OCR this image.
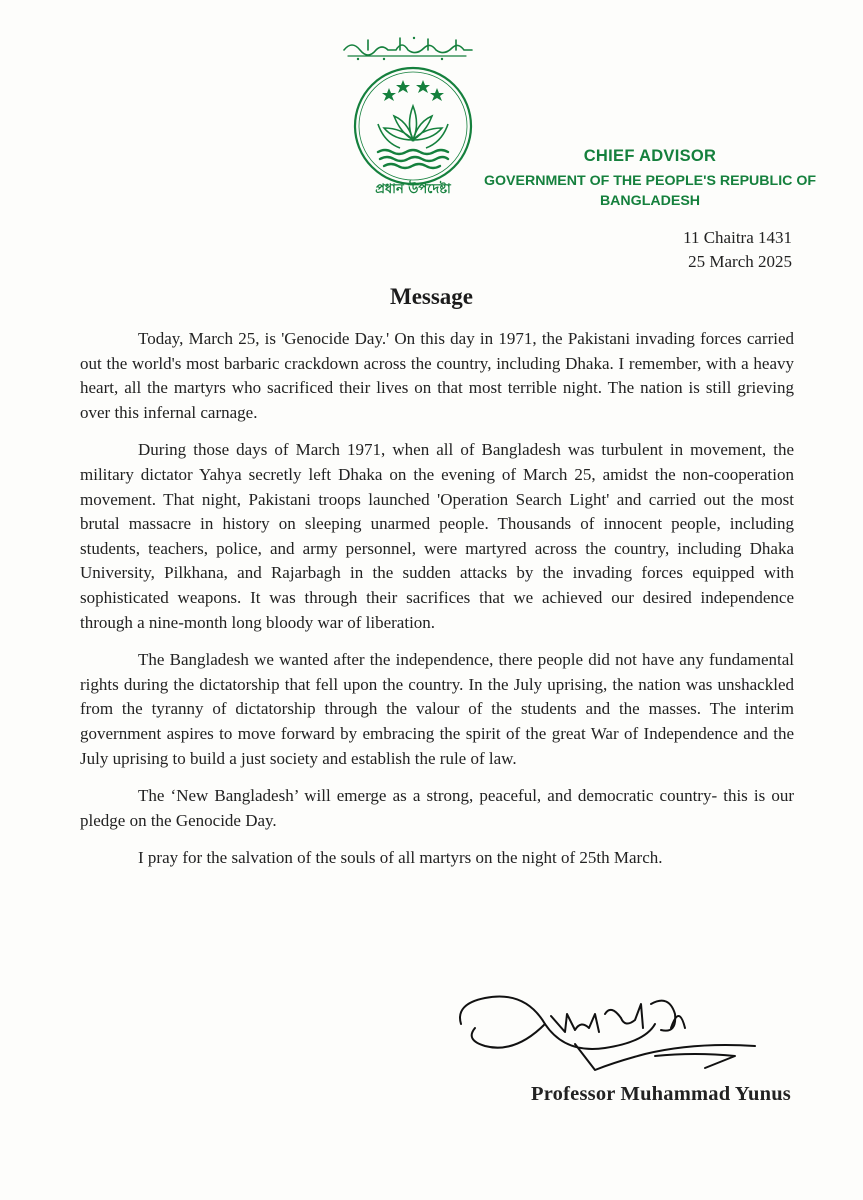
প্রধান উপদেষ্টা
CHIEF ADVISOR
GOVERNMENT OF THE PEOPLE'S REPUBLIC OF
BANGLADESH
11 Chaitra 1431
25 March 2025
Message

Today, March 25, is 'Genocide Day.' On this day in 1971, the Pakistani invading forces carried out the world's most barbaric crackdown across the country, including Dhaka. I remember, with a heavy heart, all the martyrs who sacrificed their lives on that most terrible night. The nation is still grieving over this infernal carnage.

During those days of March 1971, when all of Bangladesh was turbulent in movement, the military dictator Yahya secretly left Dhaka on the evening of March 25, amidst the non-cooperation movement. That night, Pakistani troops launched 'Operation Search Light' and carried out the most brutal massacre in history on sleeping unarmed people. Thousands of innocent people, including students, teachers, police, and army personnel, were martyred across the country, including Dhaka University, Pilkhana, and Rajarbagh in the sudden attacks by the invading forces equipped with sophisticated weapons. It was through their sacrifices that we achieved our desired independence through a nine-month long bloody war of liberation.

The Bangladesh we wanted after the independence, there people did not have any fundamental rights during the dictatorship that fell upon the country. In the July uprising, the nation was unshackled from the tyranny of dictatorship through the valour of the students and the masses. The interim government aspires to move forward by embracing the spirit of the great War of Independence and the July uprising to build a just society and establish the rule of law.

The ‘New Bangladesh’ will emerge as a strong, peaceful, and democratic country- this is our pledge on the Genocide Day.

I pray for the salvation of the souls of all martyrs on the night of 25th March.

Professor Muhammad Yunus
